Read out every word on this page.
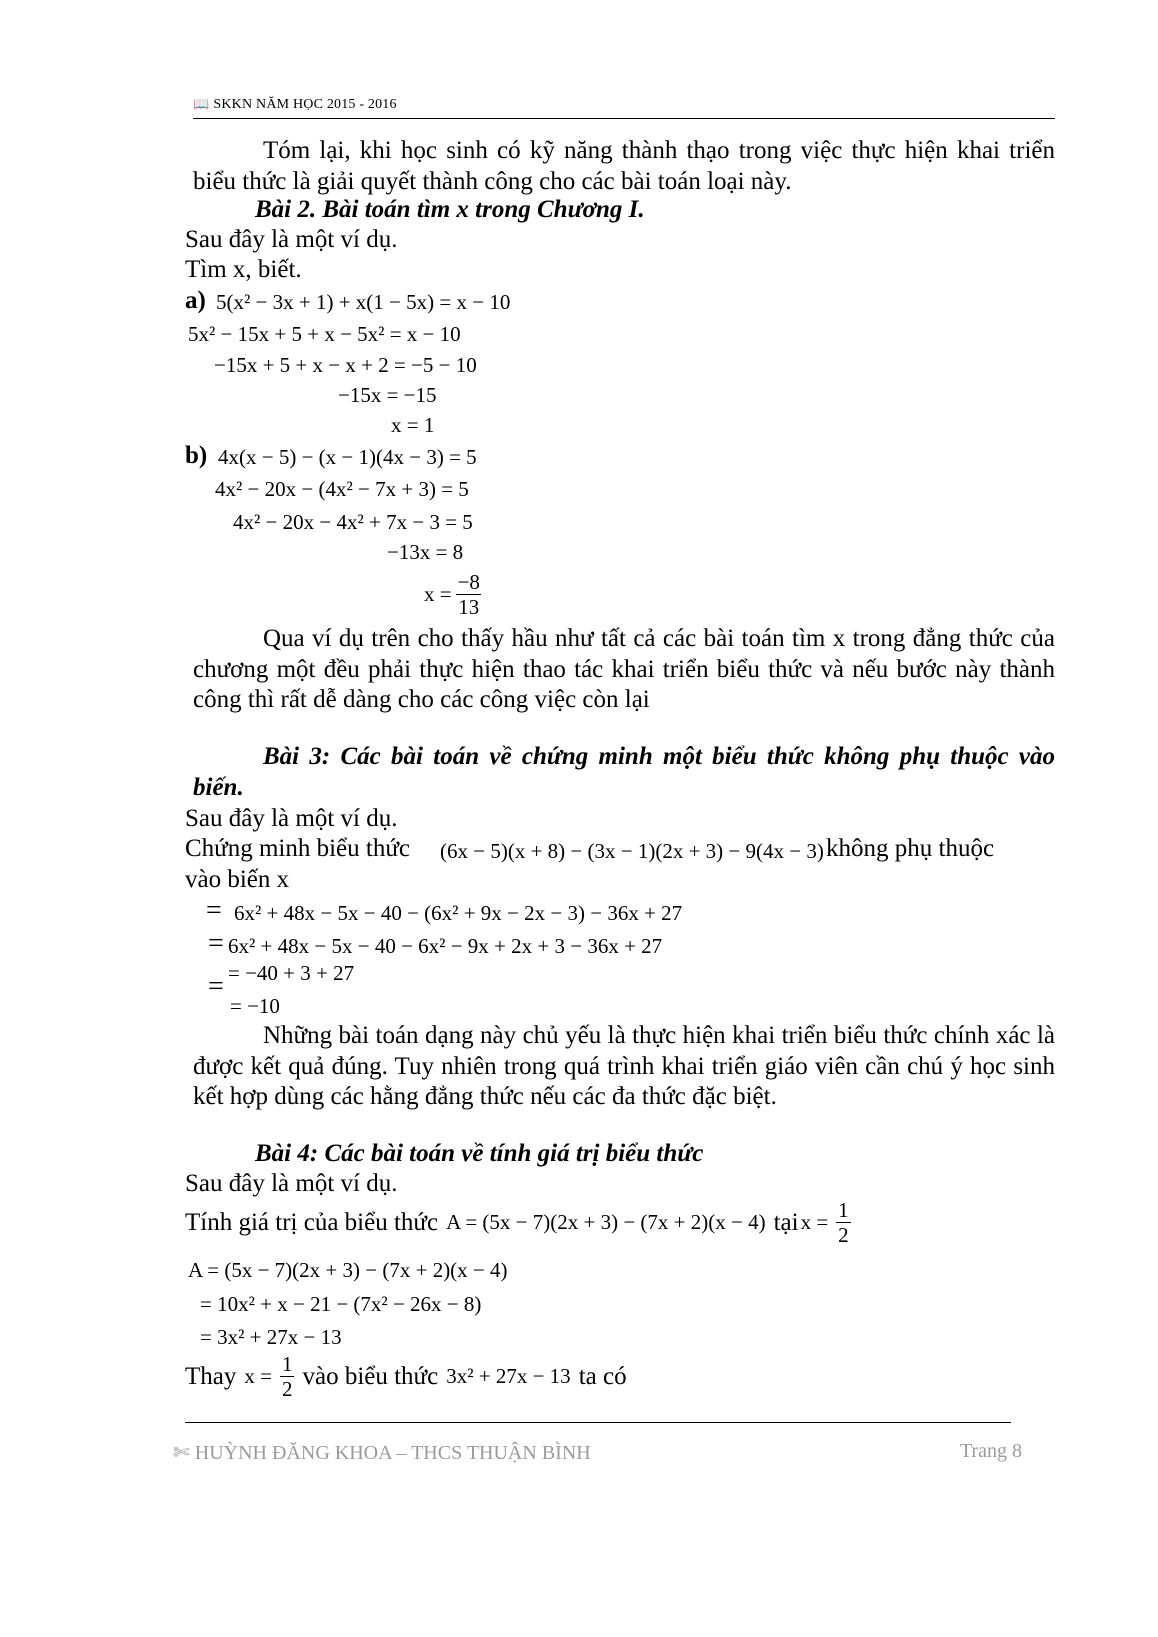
📖 SKKN NĂM HỌC 2015 - 2016
Tóm lại, khi học sinh có kỹ năng thành thạo trong việc thực hiện khai triển biểu thức là giải quyết thành công cho các bài toán loại này.
Bài 2. Bài toán tìm x trong Chương I.
Sau đây là một ví dụ.
Tìm x, biết.
a) 5(x² − 3x + 1) + x(1 − 5x) = x − 10
5x² − 15x + 5 + x − 5x² = x − 10
−15x + 5 + x − x + 2 = −5 − 10
−15x = −15
x = 1
b) 4x(x − 5) − (x − 1)(4x − 3) = 5
4x² − 20x − (4x² − 7x + 3) = 5
4x² − 20x − 4x² + 7x − 3 = 5
−13x = 8
$x = \frac{-8}{13}$
Qua ví dụ trên cho thấy hầu như tất cả các bài toán tìm x trong đẳng thức của chương một đều phải thực hiện thao tác khai triển biểu thức và nếu bước này thành công thì rất dễ dàng cho các công việc còn lại
Bài 3: Các bài toán về chứng minh một biểu thức không phụ thuộc vào biến.
Sau đây là một ví dụ.
Chứng minh biểu thức (6x − 5)(x + 8) − (3x − 1)(2x + 3) − 9(4x − 3) không phụ thuộc
vào biến x
= 6x² + 48x − 5x − 40 − (6x² + 9x − 2x − 3) − 36x + 27
= 6x² + 48x − 5x − 40 − 6x² − 9x + 2x + 3 − 36x + 27
= −40 + 3 + 27
=
= −10
Những bài toán dạng này chủ yếu là thực hiện khai triển biểu thức chính xác là được kết quả đúng. Tuy nhiên trong quá trình khai triển giáo viên cần chú ý học sinh kết hợp dùng các hằng đẳng thức nếu các đa thức đặc biệt.
Bài 4: Các bài toán về tính giá trị biểu thức
Sau đây là một ví dụ.
Tính giá trị của biểu thức A = (5x − 7)(2x + 3) − (7x + 2)(x − 4) tại $x = \frac{1}{2}$
A = (5x − 7)(2x + 3) − (7x + 2)(x − 4)
= 10x² + x − 21 − (7x² − 26x − 8)
= 3x² + 27x − 13
Thay $x = \frac{1}{2}$ vào biểu thức 3x² + 27x − 13 ta có
✄ HUỲNH ĐĂNG KHOA – THCS THUẬN BÌNH	Trang 8
